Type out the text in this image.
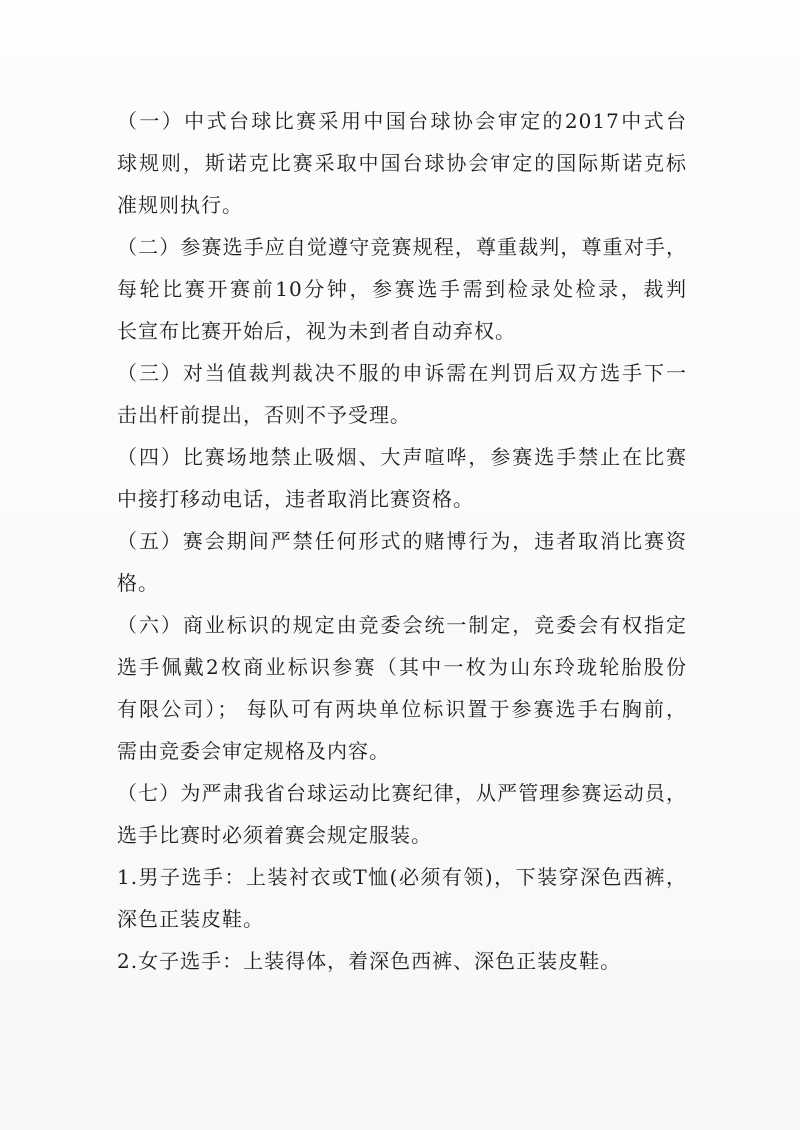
（一）中式台球比赛采用中国台球协会审定的2017中式台
球规则，斯诺克比赛采取中国台球协会审定的国际斯诺克标
准规则执行。
（二）参赛选手应自觉遵守竞赛规程，尊重裁判，尊重对手，
每轮比赛开赛前10分钟，参赛选手需到检录处检录，裁判
长宣布比赛开始后，视为未到者自动弃权。
（三）对当值裁判裁决不服的申诉需在判罚后双方选手下一
击出杆前提出，否则不予受理。
（四）比赛场地禁止吸烟、大声喧哗，参赛选手禁止在比赛
中接打移动电话，违者取消比赛资格。
（五）赛会期间严禁任何形式的赌博行为，违者取消比赛资
格。
（六）商业标识的规定由竞委会统一制定，竞委会有权指定
选手佩戴2枚商业标识参赛（其中一枚为山东玲珑轮胎股份
有限公司）； 每队可有两块单位标识置于参赛选手右胸前，
需由竞委会审定规格及内容。
（七）为严肃我省台球运动比赛纪律，从严管理参赛运动员，
选手比赛时必须着赛会规定服装。
1.男子选手：上装衬衣或T恤(必须有领)，下装穿深色西裤，
深色正装皮鞋。
2.女子选手：上装得体，着深色西裤、深色正装皮鞋。
